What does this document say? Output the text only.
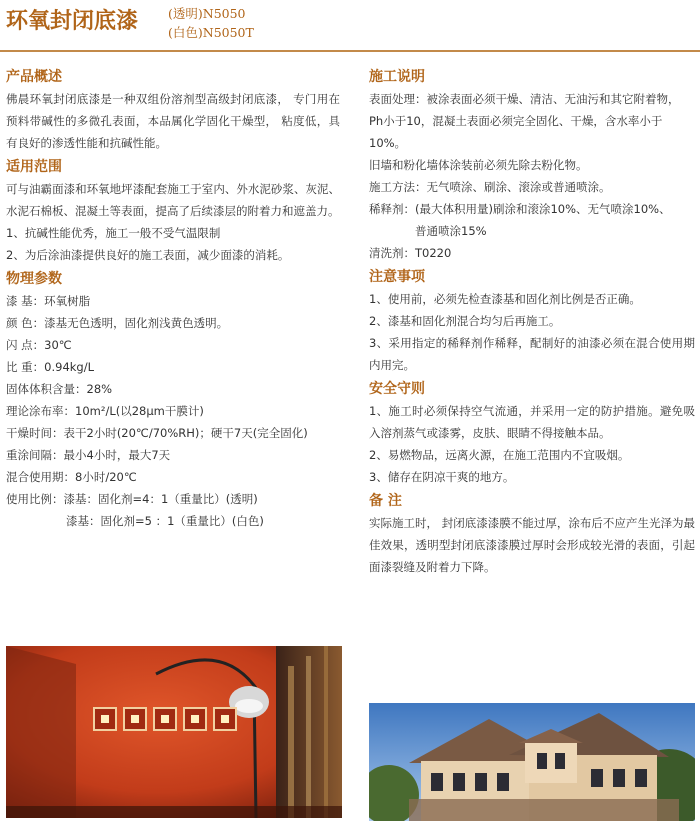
环氧封闭底漆 (透明)N5050
(白色)N5050T
产品概述

佛晨环氧封闭底漆是一种双组份溶剂型高级封闭底漆， 专门用在预料带碱性的多微孔表面，本品属化学固化干燥型， 粘度低，具有良好的渗透性能和抗碱性能。

适用范围

可与油霸面漆和环氧地坪漆配套施工于室内、外水泥砂浆、灰泥、水泥石棉板、混凝土等表面，提高了后续漆层的附着力和遮盖力。

1、抗碱性能优秀，施工一般不受气温限制

2、为后涂油漆提供良好的施工表面，减少面漆的消耗。

物理参数

漆 基：环氧树脂

颜 色：漆基无色透明，固化剂浅黄色透明。

闪 点：30℃

比 重：0.94kg/L

固体体积含量：28%

理论涂布率：10m²/L(以28μm干膜计)

干燥时间：表干2小时(20℃/70%RH)；硬干7天(完全固化)

重涂间隔：最小4小时，最大7天

混合使用期：8小时/20℃

使用比例：漆基：固化剂=4：1（重量比）(透明)

漆基：固化剂=5 ：1（重量比）(白色)

施工说明

表面处理：被涂表面必须干燥、清洁、无油污和其它附着物，

Ph小于10，混凝土表面必须完全固化、干燥，含水率小于10%。

旧墙和粉化墙体涂装前必须先除去粉化物。

施工方法：无气喷涂、刷涂、滚涂或普通喷涂。

稀释剂：(最大体积用量)刷涂和滚涂10%、无气喷涂10%、

普通喷涂15%

清洗剂：T0220

注意事项

1、使用前，必须先检查漆基和固化剂比例是否正确。

2、漆基和固化剂混合均匀后再施工。

3、采用指定的稀释剂作稀释，配制好的油漆必须在混合使用期内用完。

安全守则

1、施工时必须保持空气流通，并采用一定的防护措施。避免吸入溶剂蒸气或漆雾，皮肤、眼睛不得接触本品。

2、易燃物品，远离火源，在施工范围内不宜吸烟。

3、储存在阴凉干爽的地方。

备 注

实际施工时， 封闭底漆漆膜不能过厚，涂布后不应产生光泽为最佳效果，透明型封闭底漆漆膜过厚时会形成较光滑的表面，引起面漆裂缝及附着力下降。
